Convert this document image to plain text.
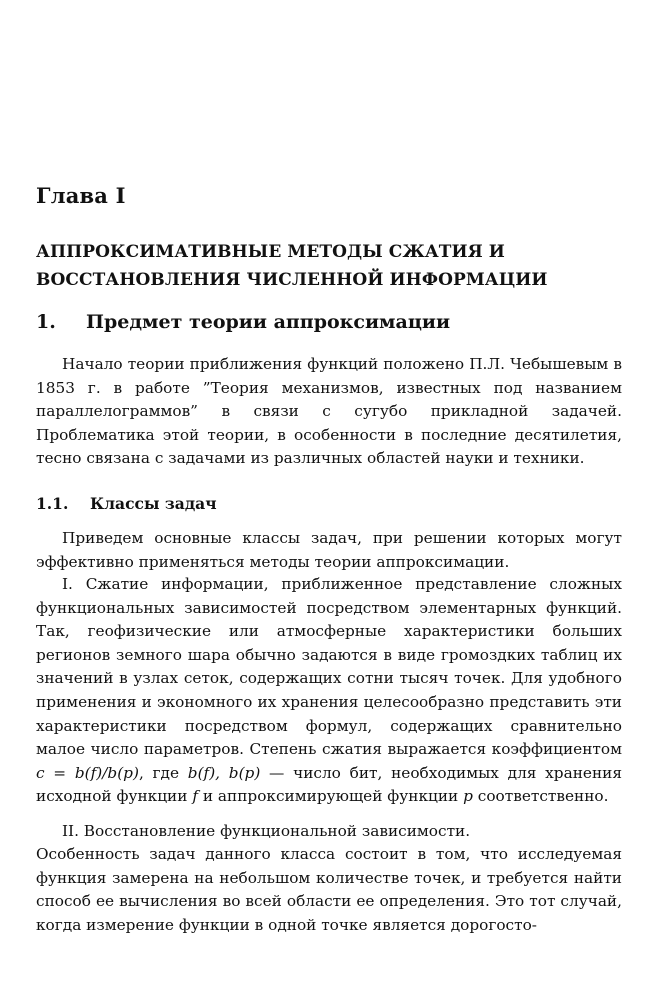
Глава I
АППРОКСИМАТИВНЫЕ МЕТОДЫ СЖАТИЯ И
ВОССТАНОВЛЕНИЯ ЧИСЛЕННОЙ ИНФОРМАЦИИ
1. Предмет теории аппроксимации

Начало теории приближения функций положено П.Л. Чебышевым в 1853 г. в работе ”Теория механизмов, известных под названием параллелограммов” в связи с сугубо прикладной задачей. Проблематика этой теории, в особенности в последние десятилетия, тесно связана с задачами из различных областей науки и техники.

1.1. Классы задач

Приведем основные классы задач, при решении которых могут эффективно применяться методы теории аппроксимации.

I. Сжатие информации, приближенное представление сложных функциональных зависимостей посредством элементарных функций. Так, геофизические или атмосферные характеристики больших регионов земного шара обычно задаются в виде громоздких таблиц их значений в узлах сеток, содержащих сотни тысяч точек. Для удобного применения и экономного их хранения целесообразно представить эти характеристики посредством формул, содержащих сравнительно малое число параметров. Степень сжатия выражается коэффициентом c = b(f)/b(p), где b(f), b(p) — число бит, необходимых для хранения исходной функции f и аппроксимирующей функции p соответственно.

II. Восстановление функциональной зависимости.

Особенность задач данного класса состоит в том, что исследуемая функция замерена на небольшом количестве точек, и требуется найти способ ее вычисления во всей области ее определения. Это тот случай, когда измерение функции в одной точке является дорогосто-
